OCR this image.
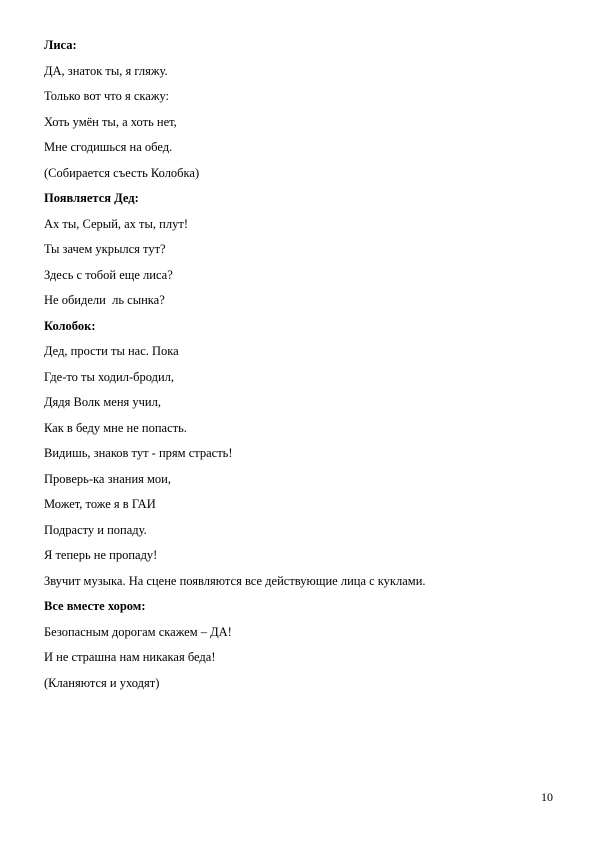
Лиса:
ДА, знаток ты, я гляжу.
Только вот что я скажу:
Хоть умён ты, а хоть нет,
Мне сгодишься на обед.
(Собирается съесть Колобка)
Появляется Дед:
Ах ты, Серый, ах ты, плут!
Ты зачем укрылся тут?
Здесь с тобой еще лиса?
Не обидели  ль сынка?
Колобок:
Дед, прости ты нас. Пока
Где-то ты ходил-бродил,
Дядя Волк меня учил,
Как в беду мне не попасть.
Видишь, знаков тут - прям страсть!
Проверь-ка знания мои,
Может, тоже я в ГАИ
Подрасту и попаду.
Я теперь не пропаду!
Звучит музыка. На сцене появляются все действующие лица с куклами.
Все вместе хором:
Безопасным дорогам скажем – ДА!
И не страшна нам никакая беда!
(Кланяются и уходят)
10
